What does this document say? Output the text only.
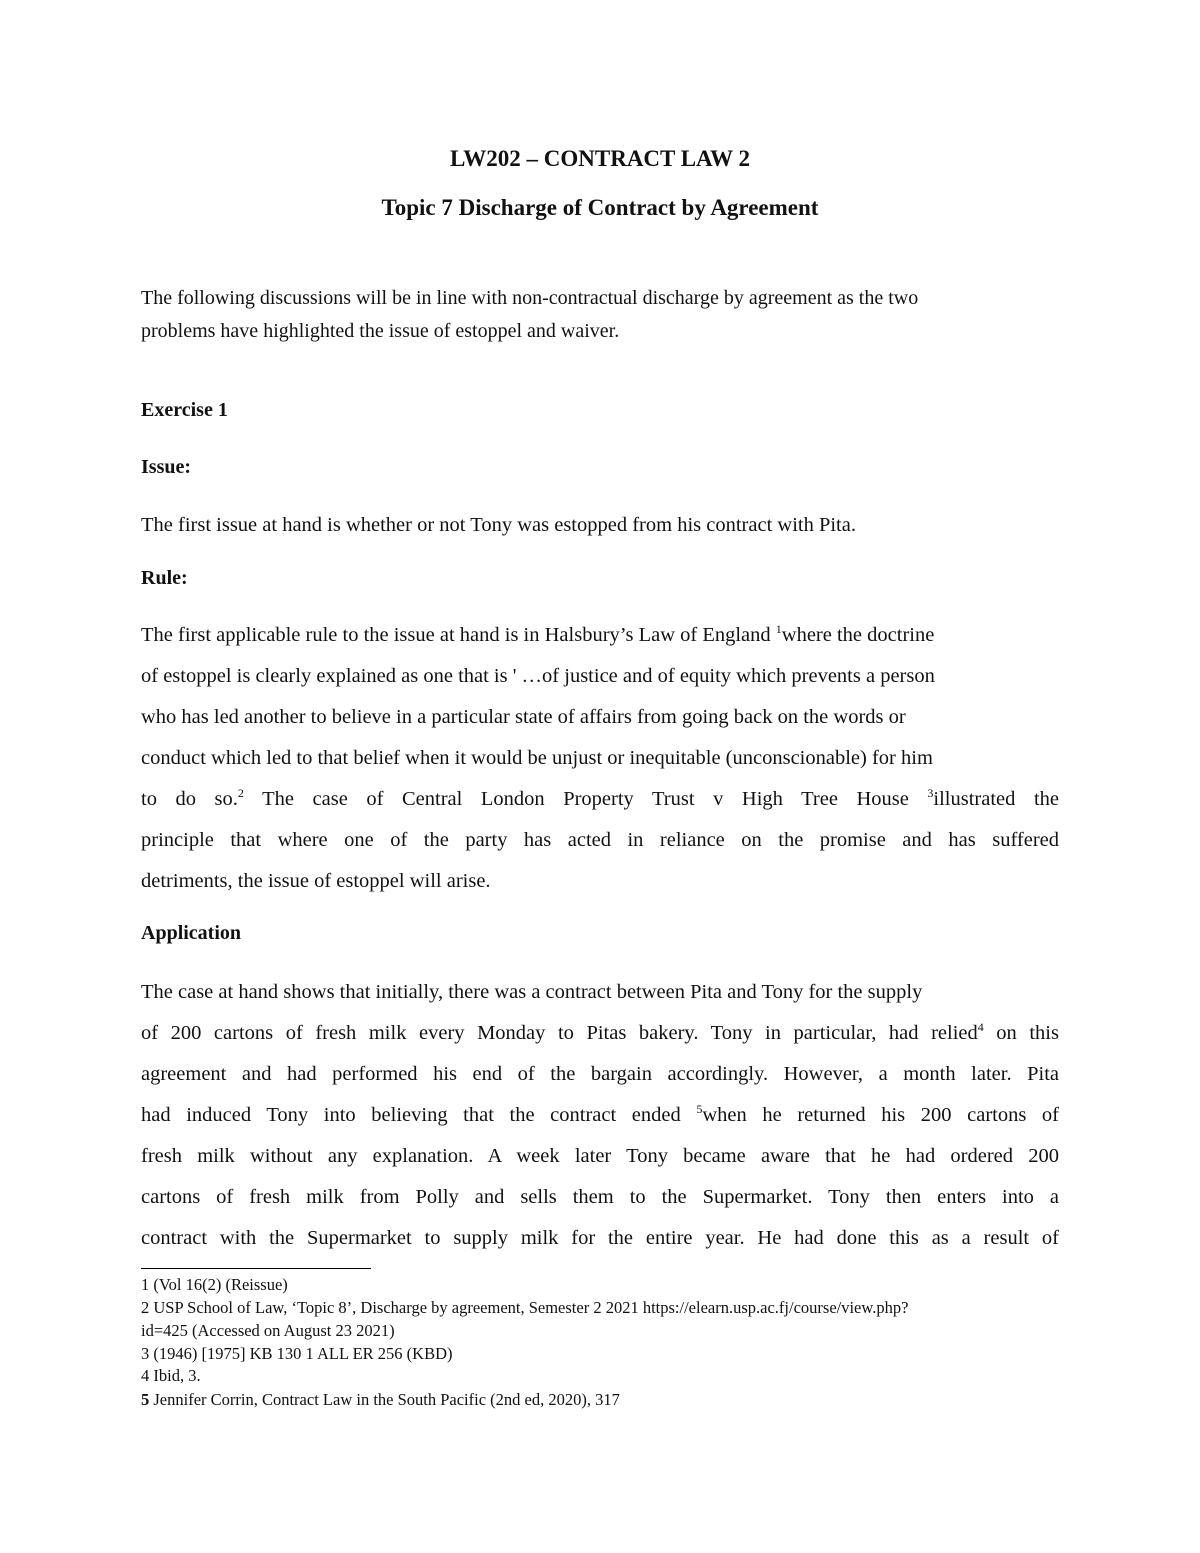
LW202 – CONTRACT LAW 2
Topic 7 Discharge of Contract by Agreement
The following discussions will be in line with non-contractual discharge by agreement as the two
problems have highlighted the issue of estoppel and waiver.
Exercise 1
Issue:
The first issue at hand is whether or not Tony was estopped from his contract with Pita.
Rule:
The first applicable rule to the issue at hand is in Halsbury’s Law of England $^1$where the doctrine
of estoppel is clearly explained as one that is ' …of justice and of equity which prevents a person
who has led another to believe in a particular state of affairs from going back on the words or
conduct which led to that belief when it would be unjust or inequitable (unconscionable) for him
to do so.$^2$ The case of Central London Property Trust v High Tree House $^3$illustrated the
principle that where one of the party has acted in reliance on the promise and has suffered
detriments, the issue of estoppel will arise.
Application
The case at hand shows that initially, there was a contract between Pita and Tony for the supply
of 200 cartons of fresh milk every Monday to Pitas bakery. Tony in particular, had relied$^4$ on this
agreement and had performed his end of the bargain accordingly. However, a month later. Pita
had induced Tony into believing that the contract ended $^5$when he returned his 200 cartons of
fresh milk without any explanation. A week later Tony became aware that he had ordered 200
cartons of fresh milk from Polly and sells them to the Supermarket. Tony then enters into a
contract with the Supermarket to supply milk for the entire year. He had done this as a result of
1 (Vol 16(2) (Reissue)
2 USP School of Law, ‘Topic 8’, Discharge by agreement, Semester 2 2021 https://elearn.usp.ac.fj/course/view.php?
id=425 (Accessed on August 23 2021)
3 (1946) [1975] KB 130 1 ALL ER 256 (KBD)
4 Ibid, 3.
5 Jennifer Corrin, Contract Law in the South Pacific (2nd ed, 2020), 317
